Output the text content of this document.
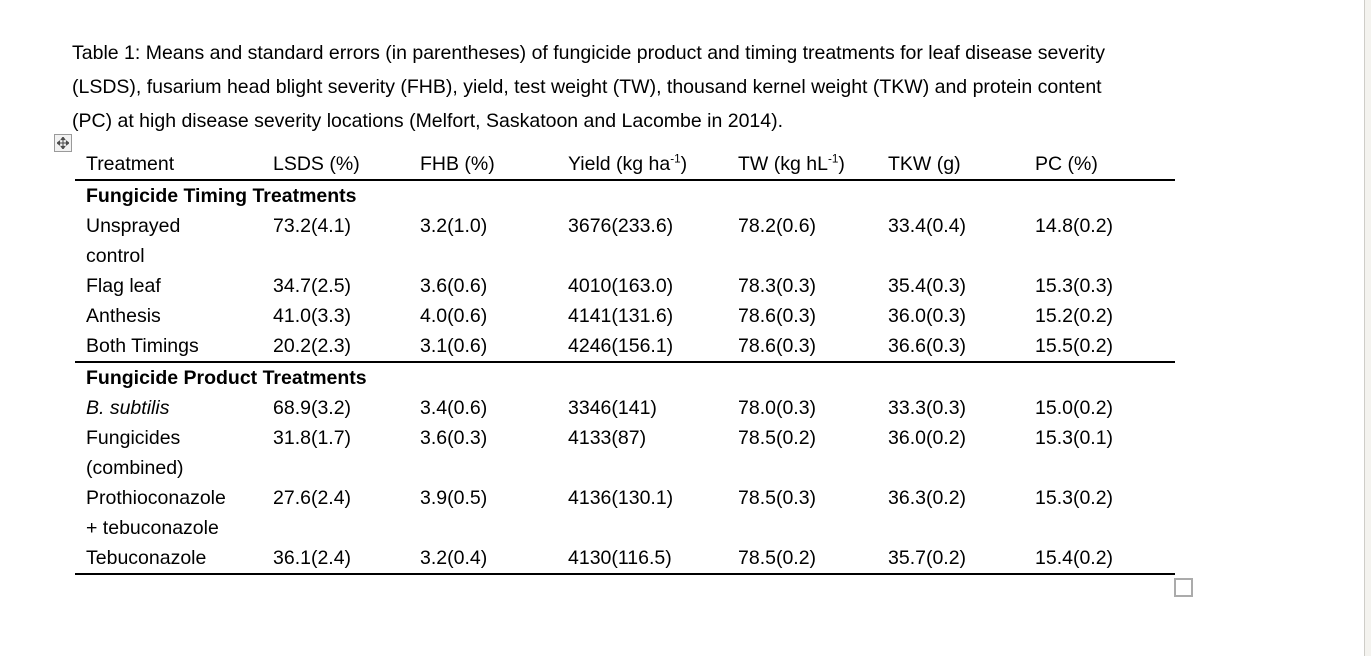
Table 1: Means and standard errors (in parentheses) of fungicide product and timing treatments for leaf disease severity
(LSDS), fusarium head blight severity (FHB), yield, test weight (TW), thousand kernel weight (TKW) and protein content
(PC) at high disease severity locations (Melfort, Saskatoon and Lacombe in 2014).
Treatment	LSDS (%)	FHB (%)	Yield (kg $ha^{-1}$)	TW (kg $hL^{-1}$)	TKW (g)	PC (%)
Fungicide Timing Treatments						

Unsprayed
control	73.2(4.1)	3.2(1.0)	3676(233.6)	78.2(0.6)	33.4(0.4)	14.8(0.2)

Flag leaf	34.7(2.5)	3.6(0.6)	4010(163.0)	78.3(0.3)	35.4(0.3)	15.3(0.3)

Anthesis	41.0(3.3)	4.0(0.6)	4141(131.6)	78.6(0.3)	36.0(0.3)	15.2(0.2)

Both Timings	20.2(2.3)	3.1(0.6)	4246(156.1)	78.6(0.3)	36.6(0.3)	15.5(0.2)
Fungicide Product Treatments						

B. subtilis	68.9(3.2)	3.4(0.6)	3346(141)	78.0(0.3)	33.3(0.3)	15.0(0.2)

Fungicides
(combined)	31.8(1.7)	3.6(0.3)	4133(87)	78.5(0.2)	36.0(0.2)	15.3(0.1)

Prothioconazole
+ tebuconazole	27.6(2.4)	3.9(0.5)	4136(130.1)	78.5(0.3)	36.3(0.2)	15.3(0.2)

Tebuconazole	36.1(2.4)	3.2(0.4)	4130(116.5)	78.5(0.2)	35.7(0.2)	15.4(0.2)
